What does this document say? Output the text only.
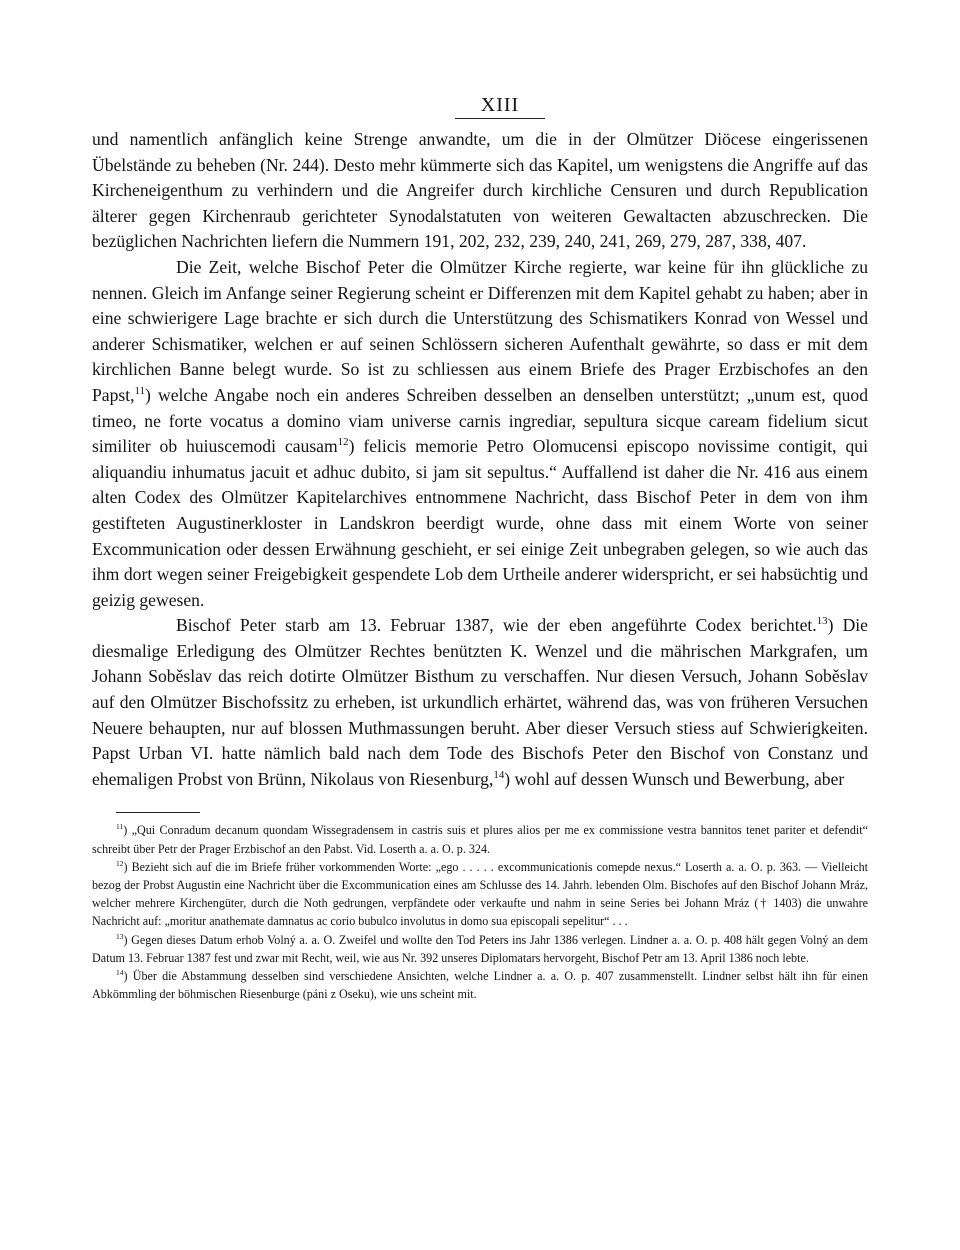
XIII

und namentlich anfänglich keine Strenge anwandte, um die in der Olmützer Diöcese eingerissenen Übelstände zu beheben (Nr. 244). Desto mehr kümmerte sich das Kapitel, um wenigstens die Angriffe auf das Kircheneigenthum zu verhindern und die Angreifer durch kirchliche Censuren und durch Republication älterer gegen Kirchenraub gerichteter Synodalstatuten von weiteren Gewaltacten abzuschrecken. Die bezüglichen Nachrichten liefern die Nummern 191, 202, 232, 239, 240, 241, 269, 279, 287, 338, 407.

Die Zeit, welche Bischof Peter die Olmützer Kirche regierte, war keine für ihn glückliche zu nennen. Gleich im Anfange seiner Regierung scheint er Differenzen mit dem Kapitel gehabt zu haben; aber in eine schwierigere Lage brachte er sich durch die Unterstützung des Schismatikers Konrad von Wessel und anderer Schismatiker, welchen er auf seinen Schlössern sicheren Aufenthalt gewährte, so dass er mit dem kirchlichen Banne belegt wurde. So ist zu schliessen aus einem Briefe des Prager Erzbischofes an den Papst,$^{11}$) welche Angabe noch ein anderes Schreiben desselben an denselben unterstützt; „unum est, quod timeo, ne forte vocatus a domino viam universe carnis ingrediar, sepultura sicque caream fidelium sicut similiter ob huiuscemodi causam$^{12}$) felicis memorie Petro Olomucensi episcopo novissime contigit, qui aliquandiu inhumatus jacuit et adhuc dubito, si jam sit sepultus.“ Auffallend ist daher die Nr. 416 aus einem alten Codex des Olmützer Kapitelarchives entnommene Nachricht, dass Bischof Peter in dem von ihm gestifteten Augustinerkloster in Landskron beerdigt wurde, ohne dass mit einem Worte von seiner Excommunication oder dessen Erwähnung geschieht, er sei einige Zeit unbegraben gelegen, so wie auch das ihm dort wegen seiner Freigebigkeit gespendete Lob dem Urtheile anderer widerspricht, er sei habsüchtig und geizig gewesen.

Bischof Peter starb am 13. Februar 1387, wie der eben angeführte Codex berichtet.$^{13}$) Die diesmalige Erledigung des Olmützer Rechtes benützten K. Wenzel und die mährischen Markgrafen, um Johann Soběslav das reich dotirte Olmützer Bisthum zu verschaffen. Nur diesen Versuch, Johann Soběslav auf den Olmützer Bischofssitz zu erheben, ist urkundlich erhärtet, während das, was von früheren Versuchen Neuere behaupten, nur auf blossen Muthmassungen beruht. Aber dieser Versuch stiess auf Schwierigkeiten. Papst Urban VI. hatte nämlich bald nach dem Tode des Bischofs Peter den Bischof von Constanz und ehemaligen Probst von Brünn, Nikolaus von Riesenburg,$^{14}$) wohl auf dessen Wunsch und Bewerbung, aber

$^{11}$) „Qui Conradum decanum quondam Wissegradensem in castris suis et plures alios per me ex commissione vestra bannitos tenet pariter et defendit“ schreibt über Petr der Prager Erzbischof an den Pabst. Vid. Loserth a. a. O. p. 324.

$^{12}$) Bezieht sich auf die im Briefe früher vorkommenden Worte: „ego . . . . . excommunicationis comepde nexus.“ Loserth a. a. O. p. 363. — Vielleicht bezog der Probst Augustin eine Nachricht über die Excommunication eines am Schlusse des 14. Jahrh. lebenden Olm. Bischofes auf den Bischof Johann Mráz, welcher mehrere Kirchengüter, durch die Noth gedrungen, verpfändete oder verkaufte und nahm in seine Series bei Johann Mráz († 1403) die unwahre Nachricht auf: „moritur anathemate damnatus ac corio bubulco involutus in domo sua episcopali sepelitur“ . . .

$^{13}$) Gegen dieses Datum erhob Volný a. a. O. Zweifel und wollte den Tod Peters ins Jahr 1386 verlegen. Lindner a. a. O. p. 408 hält gegen Volný an dem Datum 13. Februar 1387 fest und zwar mit Recht, weil, wie aus Nr. 392 unseres Diplomatars hervorgeht, Bischof Petr am 13. April 1386 noch lebte.

$^{14}$) Über die Abstammung desselben sind verschiedene Ansichten, welche Lindner a. a. O. p. 407 zusammenstellt. Lindner selbst hält ihn für einen Abkömmling der böhmischen Riesenburge (páni z Oseku), wie uns scheint mit.
